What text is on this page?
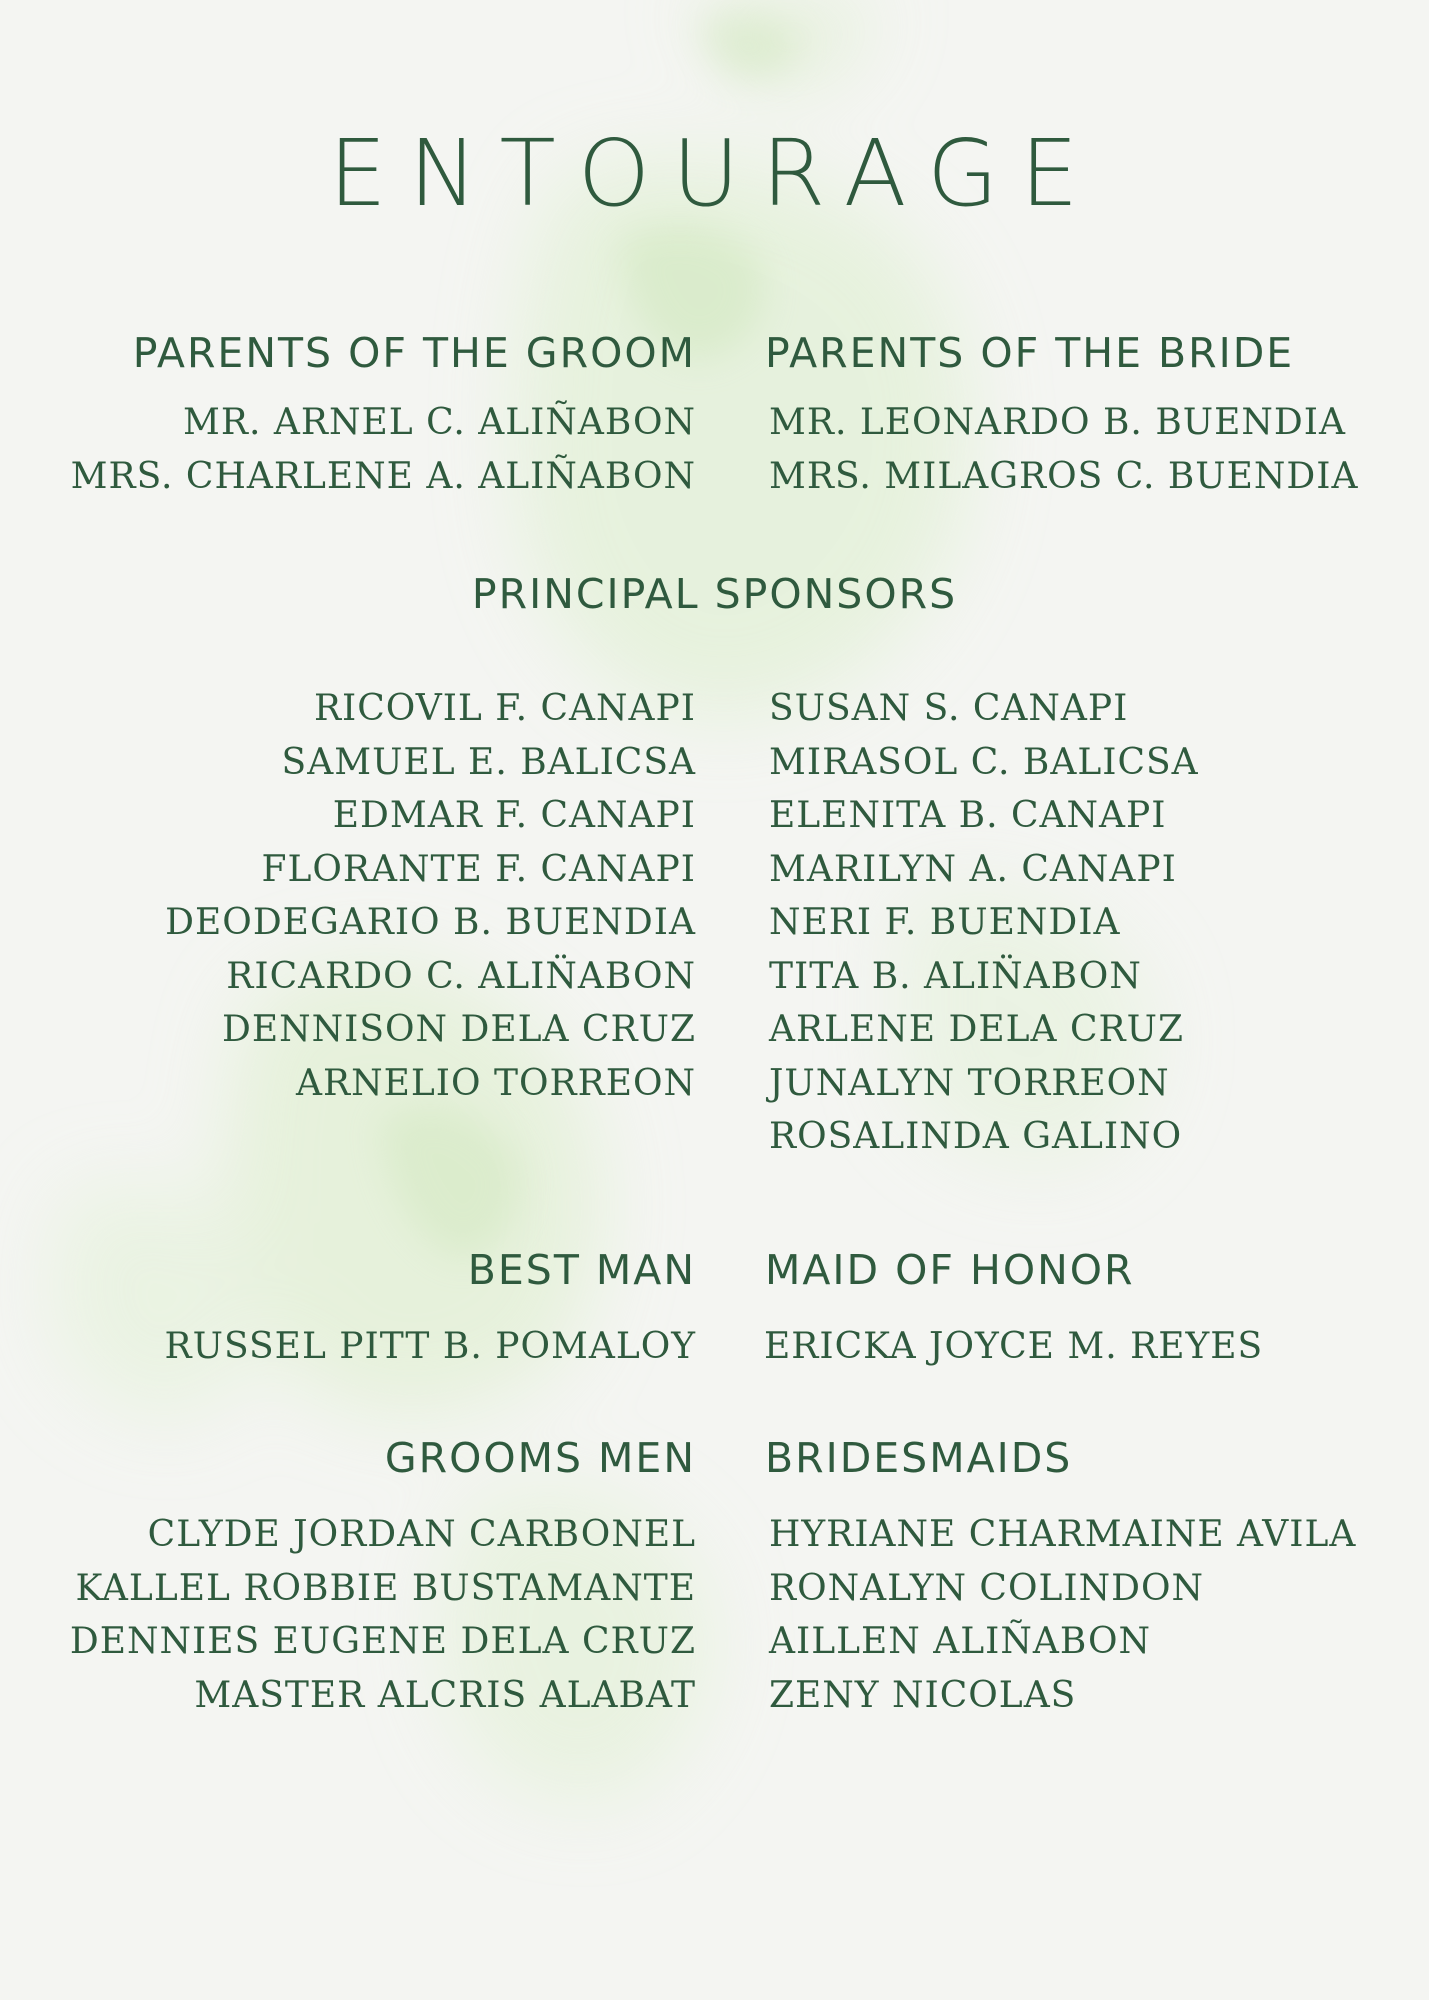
ENTOURAGE
PARENTS OF THE GROOM PARENTS OF THE BRIDE
MR. ARNEL C. ALIÑABON
MRS. CHARLENE A. ALIÑABON
MR. LEONARDO B. BUENDIA
MRS. MILAGROS C. BUENDIA
PRINCIPAL SPONSORS
RICOVIL F. CANAPI
SAMUEL E. BALICSA
EDMAR F. CANAPI
FLORANTE F. CANAPI
DEODEGARIO B. BUENDIA
RICARDO C. ALIN̈ABON
DENNISON DELA CRUZ
ARNELIO TORREON
SUSAN S. CANAPI
MIRASOL C. BALICSA
ELENITA B. CANAPI
MARILYN A. CANAPI
NERI F. BUENDIA
TITA B. ALIN̈ABON
ARLENE DELA CRUZ
JUNALYN TORREON
ROSALINDA GALINO
BEST MAN MAID OF HONOR
RUSSEL PITT B. POMALOY ERICKA JOYCE M. REYES
GROOMS MEN BRIDESMAIDS
CLYDE JORDAN CARBONEL
KALLEL ROBBIE BUSTAMANTE
DENNIES EUGENE DELA CRUZ
MASTER ALCRIS ALABAT
HYRIANE CHARMAINE AVILA
RONALYN COLINDON
AILLEN ALIÑABON
ZENY NICOLAS
